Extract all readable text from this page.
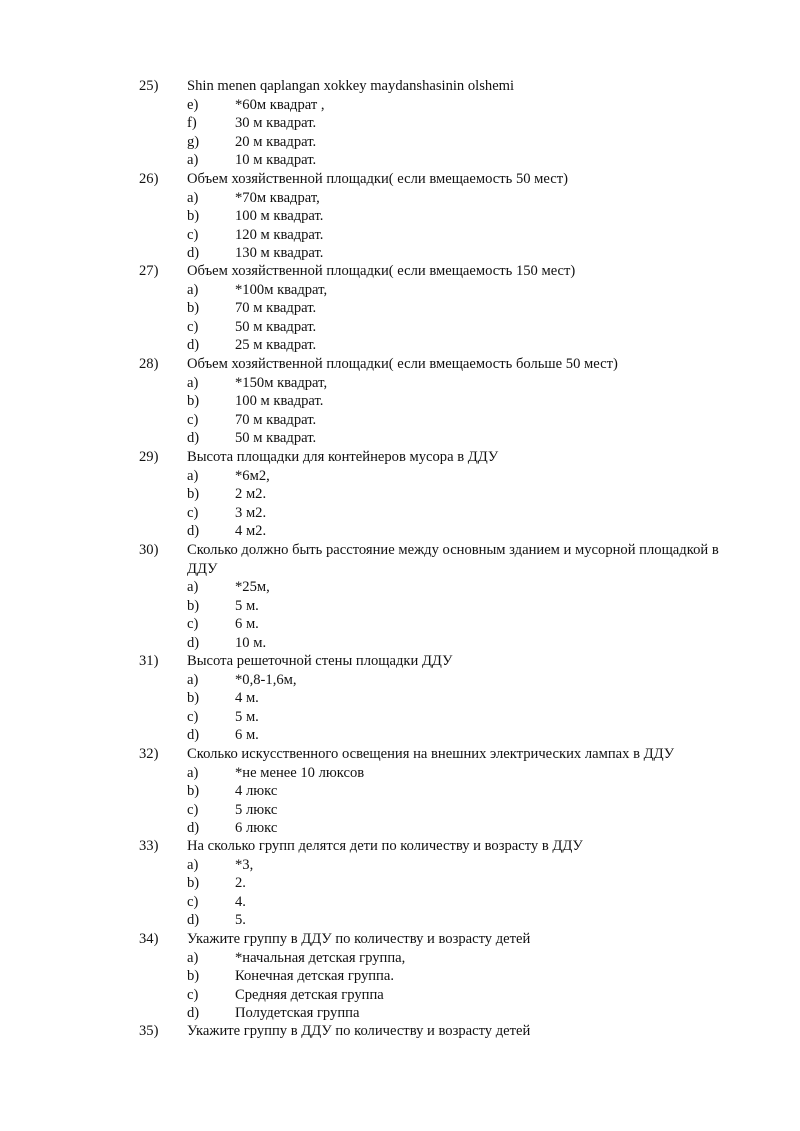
25)	Shin menen qaplangan xokkey maydanshasinin olshemi
e)	*60м квадрат ,
f)	30 м квадрат.
g)	20 м квадрат.
a)	10 м квадрат.
26)	Объем хозяйственной площадки( если вмещаемость 50 мест)
a)	*70м квадрат,
b)	100 м квадрат.
c)	120 м квадрат.
d)	130 м квадрат.
27)	Объем хозяйственной площадки( если вмещаемость 150 мест)
a)	*100м квадрат,
b)	70 м квадрат.
c)	50 м квадрат.
d)	25 м квадрат.
28)	Объем хозяйственной площадки( если вмещаемость больше 50 мест)
a)	*150м квадрат,
b)	100 м квадрат.
c)	70 м квадрат.
d)	50 м квадрат.
29)	Высота площадки для контейнеров мусора в ДДУ
a)	*6м2,
b)	2 м2.
c)	3 м2.
d)	4 м2.
30)	Сколько должно быть расстояние между основным зданием и мусорной площадкой в ДДУ
a)	*25м,
b)	5 м.
c)	6 м.
d)	10 м.
31)	Высота решеточной стены площадки ДДУ
a)	*0,8-1,6м,
b)	4 м.
c)	5 м.
d)	6 м.
32)	Сколько искусственного освещения на внешних электрических лампах в ДДУ
a)	*не менее 10 люксов
b)	4 люкс
c)	5 люкс
d)	6 люкс
33)	На сколько групп делятся дети по количеству и возрасту в ДДУ
a)	*3,
b)	2.
c)	4.
d)	5.
34)	Укажите группу в ДДУ по количеству и возрасту детей
a)	*начальная детская группа,
b)	Конечная детская группа.
c)	Средняя детская группа
d)	Полудетская группа
35)	Укажите группу в ДДУ по количеству и возрасту детей
